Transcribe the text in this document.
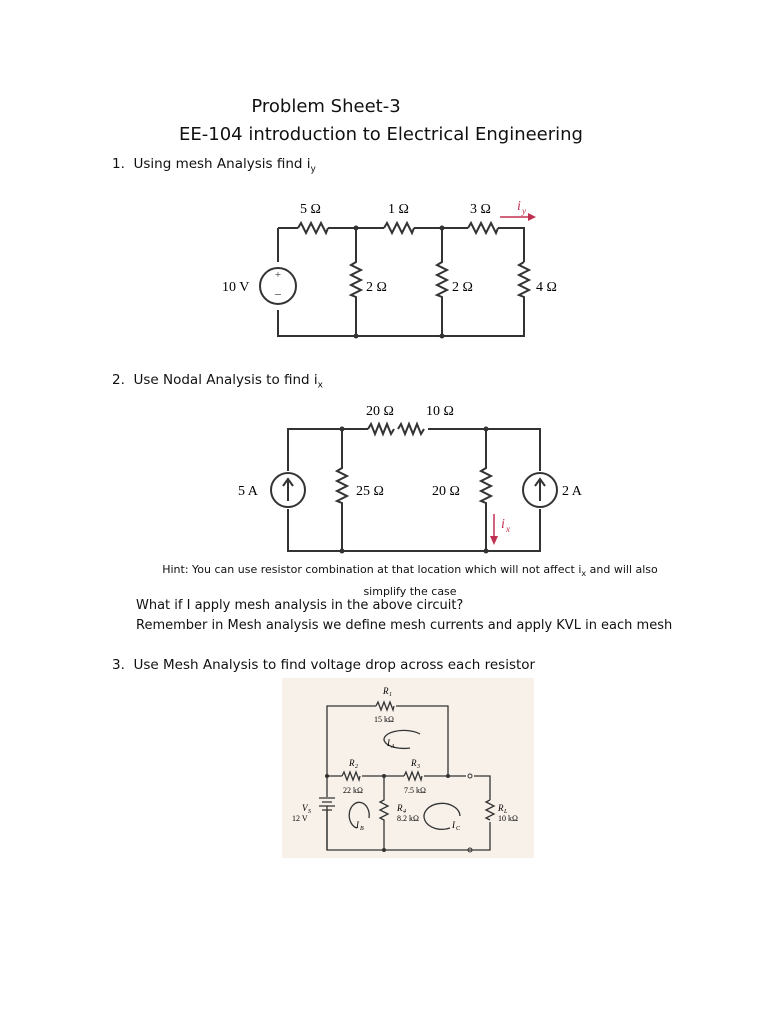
Problem Sheet-3
EE-104 introduction to Electrical Engineering
1. Using mesh Analysis find $i_y$
+
−
10 V
5 Ω	1 Ω	3 Ω
2 Ω	2 Ω	4 Ω
i y
2. Use Nodal Analysis to find $i_x$
5 A	2 A
20 Ω 10 Ω
25 Ω	20 Ω
i x
Hint: You can use resistor combination at that location which will not affect $i_x$ and will also
simplify the case
What if I apply mesh analysis in the above circuit?
Remember in Mesh analysis we define mesh currents and apply KVL in each mesh
3. Use Mesh Analysis to find voltage drop across each resistor
R 1
R 2	R 3
R 4	R L
V S
I A
I B	I C
15 kΩ
22 kΩ	7.5 kΩ
8.2 kΩ	10 kΩ
12 V
